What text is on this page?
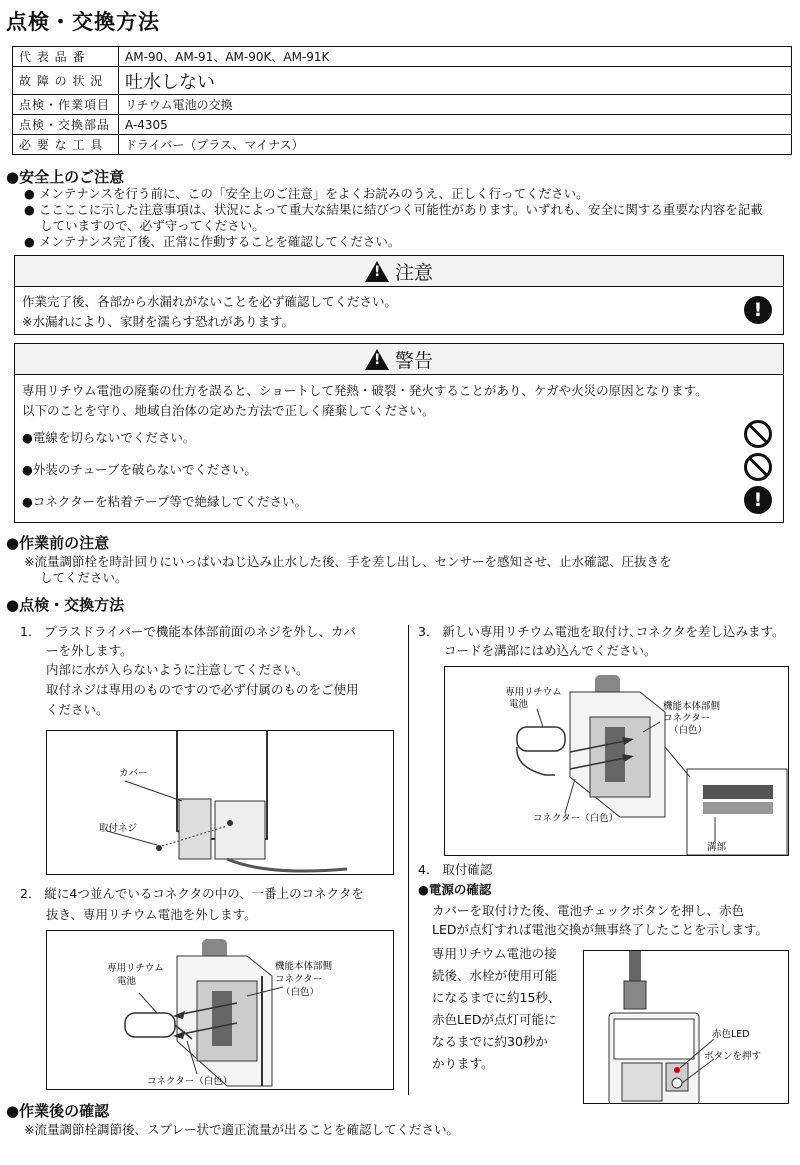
点検・交換方法
代 表 品 番	AM-90、AM-91、AM-90K、AM-91K
故 障 の 状 況	吐水しない
点検・作業項目	リチウム電池の交換
点検・交換部品	A-4305
必 要 な 工 具	ドライバー（プラス、マイナス）
●安全上のご注意
● メンテナンスを行う前に、この「安全上のご注意」をよくお読みのうえ、正しく行ってください。
● ここここに示した注意事項は、状況によって重大な結果に結びつく可能性があります。いずれも、安全に関する重要な内容を記載
していますので、必ず守ってください。
● メンテナンス完了後、正常に作動することを確認してください。
!
注意
作業完了後、各部から水漏れがないことを必ず確認してください。
※水漏れにより、家財を濡らす恐れがあります。
!
!
警告
専用リチウム電池の廃棄の仕方を誤ると、ショートして発熱・破裂・発火することがあり、ケガや火災の原因となります。
以下のことを守り、地域自治体の定めた方法で正しく廃棄してください。
●電線を切らないでください。
●外装のチューブを破らないでください。
●コネクターを粘着テープ等で絶縁してください。	!
●作業前の注意
※流量調節栓を時計回りにいっぱいねじ込み止水した後、手を差し出し、センサーを感知させ、止水確認、圧抜きを
してください。
●点検・交換方法
1． プラスドライバーで機能本体部前面のネジを外し、カバ
ーを外します。
内部に水が入らないように注意してください。
取付ネジは専用のものですので必ず付属のものをご使用
ください。
カバー
取付ネジ
2． 縦に4つ並んでいるコネクタの中の、一番上のコネクタを
抜き、専用リチウム電池を外します。
専用リチウム
電池
機能本体部側
コネクター
（白色）
コネクター（白色）
3． 新しい専用リチウム電池を取付け､コネクタを差し込みます。
コードを溝部にはめ込んでください。
専用リチウム
電池	機能本体部側
コネクター
（白色）
コネクター（白色）
溝部
4． 取付確認
●電源の確認
カバーを取付けた後、電池チェックボタンを押し、赤色
LEDが点灯すれば電池交換が無事終了したことを示します。
専用リチウム電池の接
続後、水栓が使用可能
になるまでに約15秒、
赤色LEDが点灯可能に
なるまでに約30秒か
かります。
赤色LED
ボタンを押す
●作業後の確認
※流量調節栓調節後、スプレー状で適正流量が出ることを確認してください。
